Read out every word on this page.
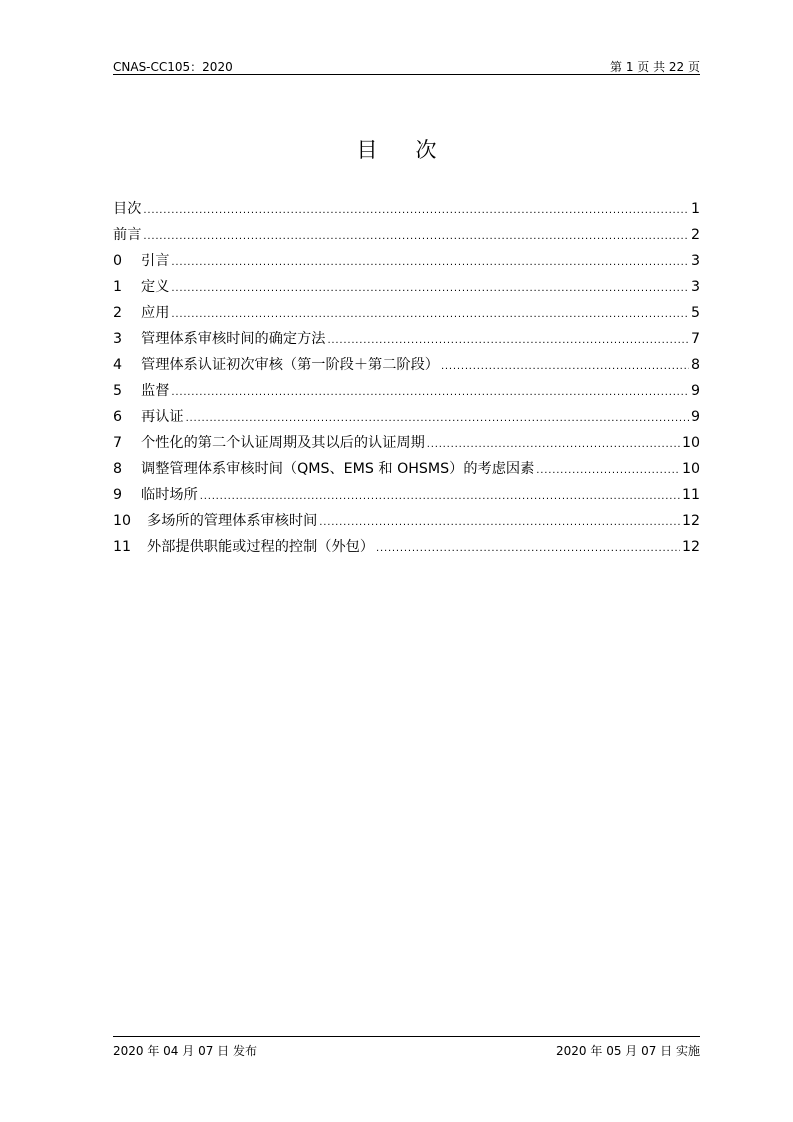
CNAS-CC105：2020	第 1 页 共 22 页
目 次
目次 .....	1
前言 .....	2
0	引言 .....	3
1	定义 .....	3
2	应用 .....	5
3	管理体系审核时间的确定方法 .....	7
4	管理体系认证初次审核（第一阶段＋第二阶段） .....	8
5	监督 .....	9
6	再认证 .....	9
7	个性化的第二个认证周期及其以后的认证周期 .....	10
8	调整管理体系审核时间（QMS、EMS 和 OHSMS）的考虑因素 .....	10
9	临时场所 .....	11
10	多场所的管理体系审核时间 .....	12
11	外部提供职能或过程的控制（外包） .....	12
2020 年 04 月 07 日 发布	2020 年 05 月 07 日 实施
